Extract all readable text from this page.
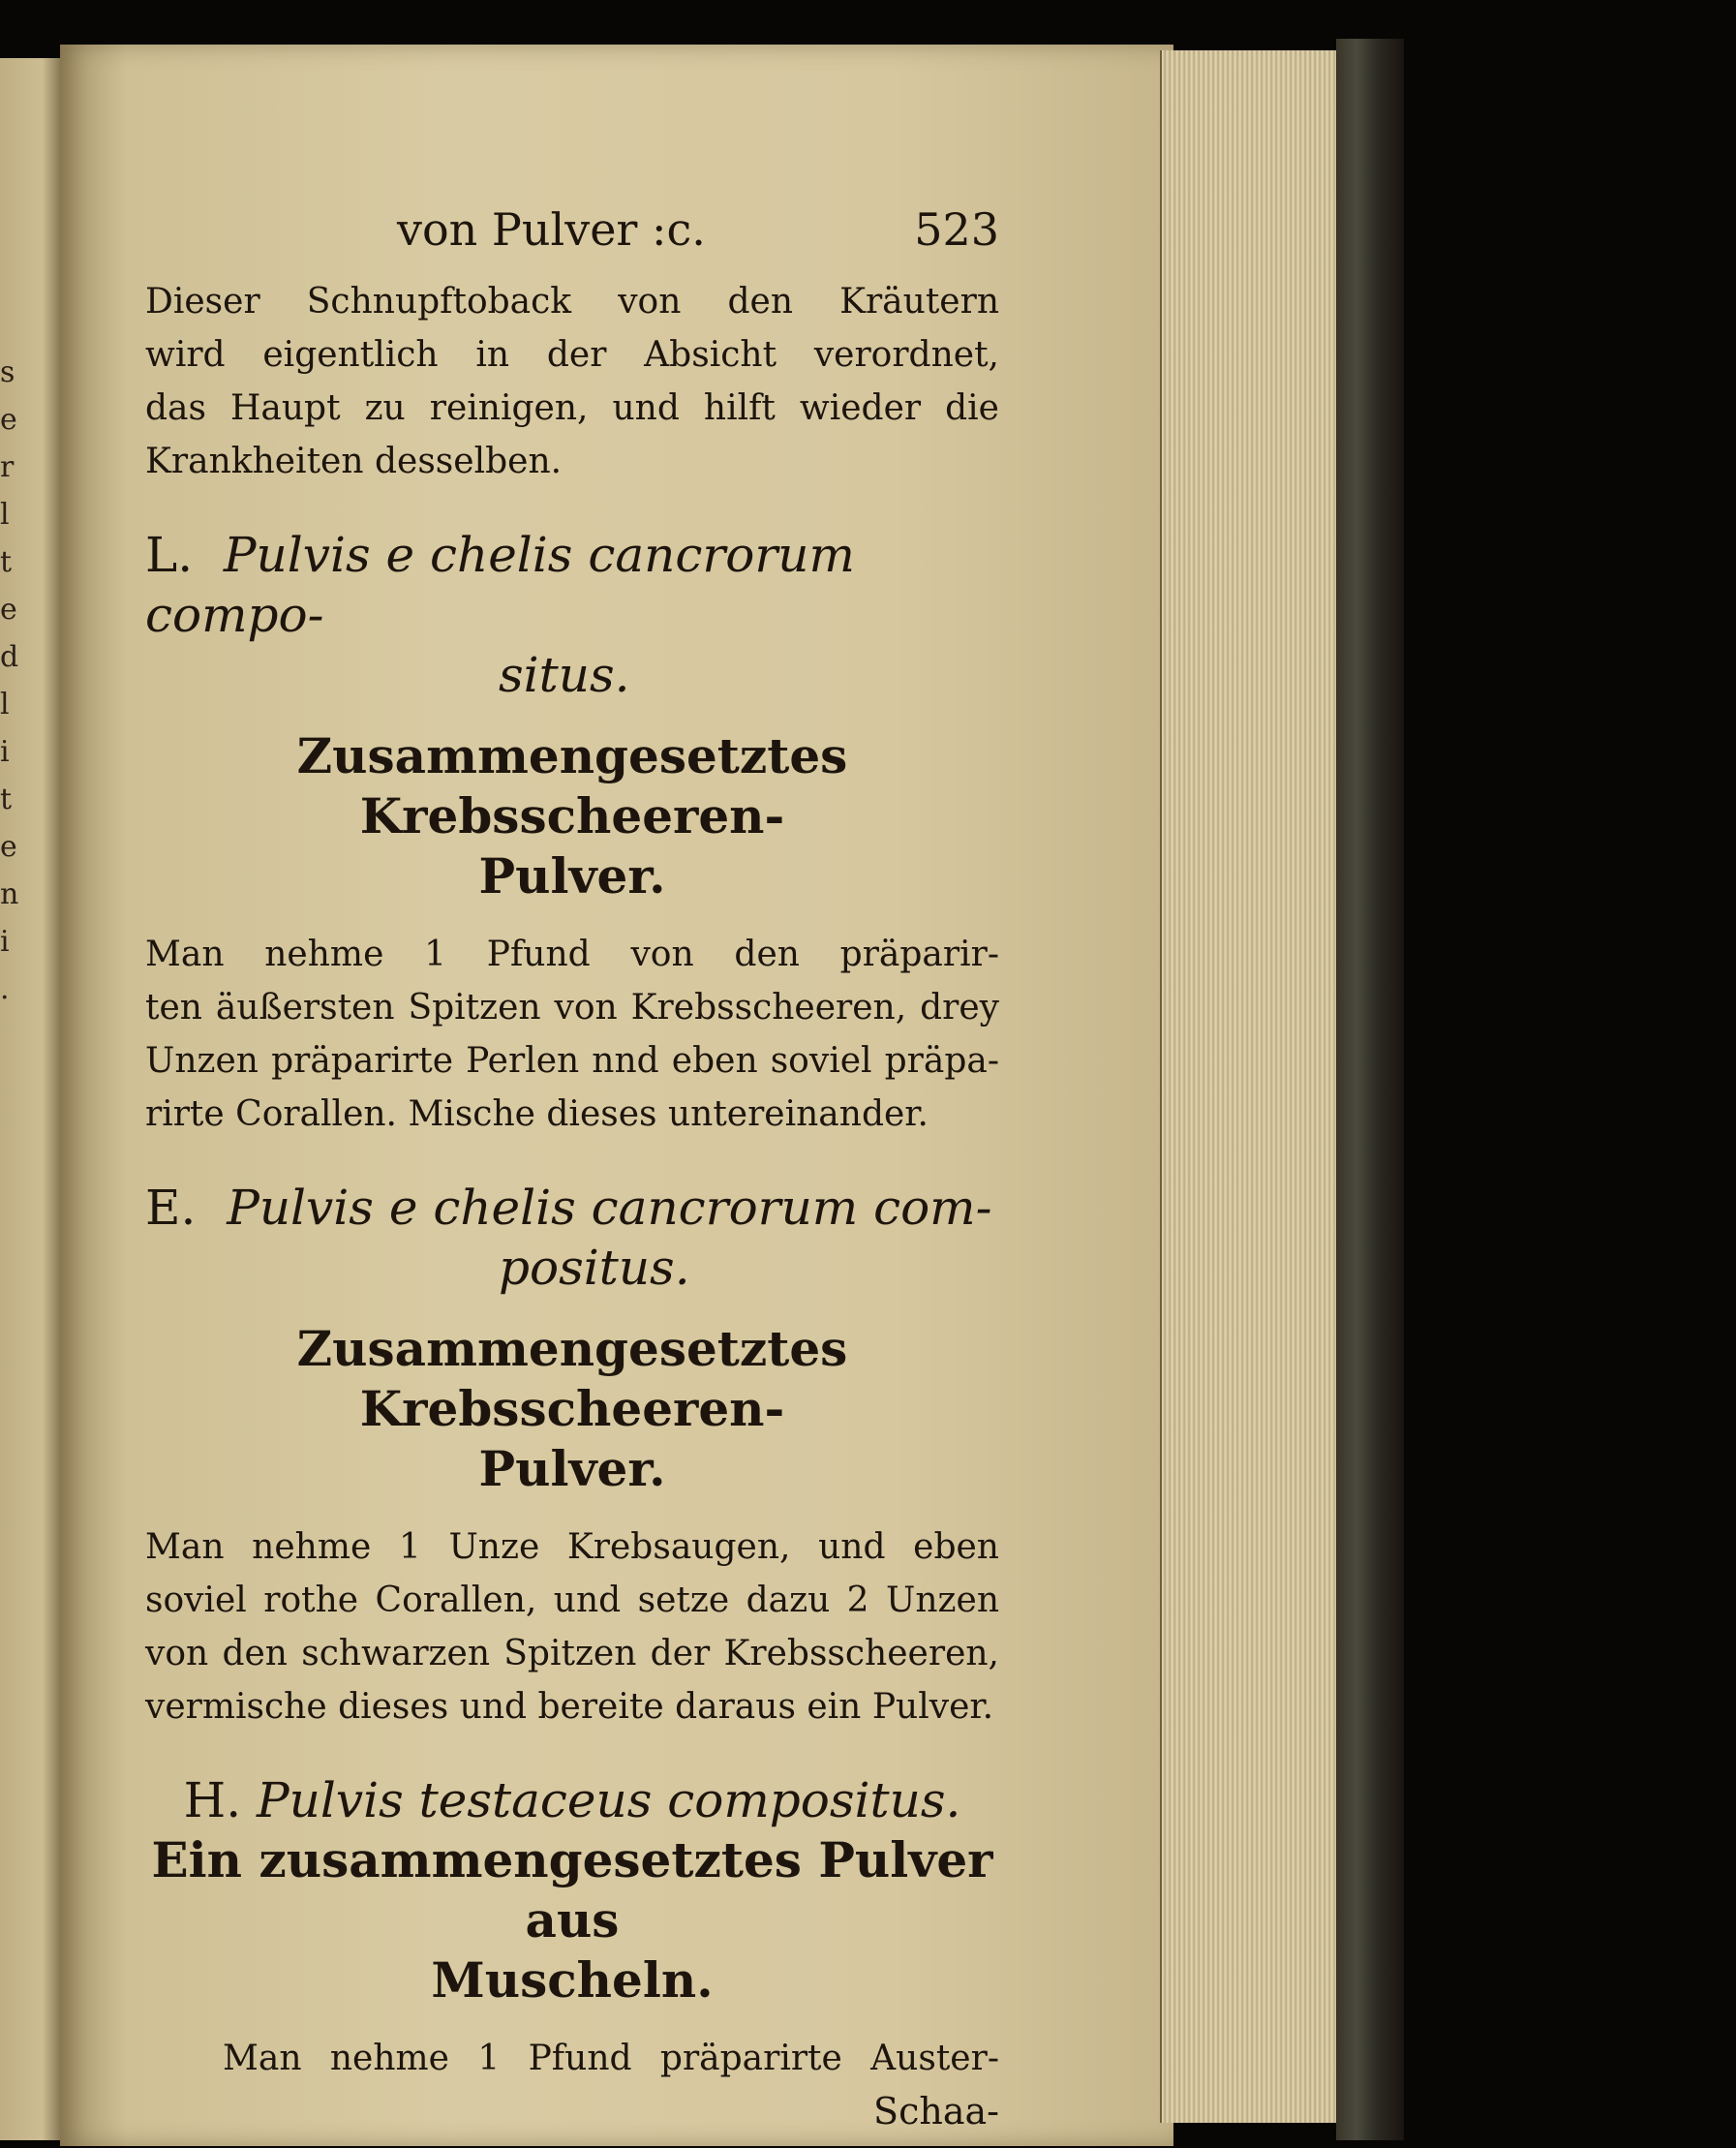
s
e
r
l
t
e
d
l
i
t
e
n
i
.
von Pulver :c.	523

Dieser Schnupftoback von den Kräutern

wird eigentlich in der Absicht verordnet,

das Haupt zu reinigen, und hilft wieder die

Krankheiten desselben.

L. Pulvis e chelis cancrorum compo-
situs.
Zusammengesetztes Krebsscheeren-
Pulver.

Man nehme 1 Pfund von den präparir-

ten äußersten Spitzen von Krebsscheeren, drey

Unzen präparirte Perlen nnd eben soviel präpa-

rirte Corallen. Mische dieses untereinander.

E. Pulvis e chelis cancrorum com-
positus.
Zusammengesetztes Krebsscheeren-
Pulver.

Man nehme 1 Unze Krebsaugen, und eben

soviel rothe Corallen, und setze dazu 2 Unzen

von den schwarzen Spitzen der Krebsscheeren,

vermische dieses und bereite daraus ein Pulver.

H. Pulvis testaceus compositus.
Ein zusammengesetztes Pulver aus
Muscheln.

Man nehme 1 Pfund präparirte Auster-

Schaa-
